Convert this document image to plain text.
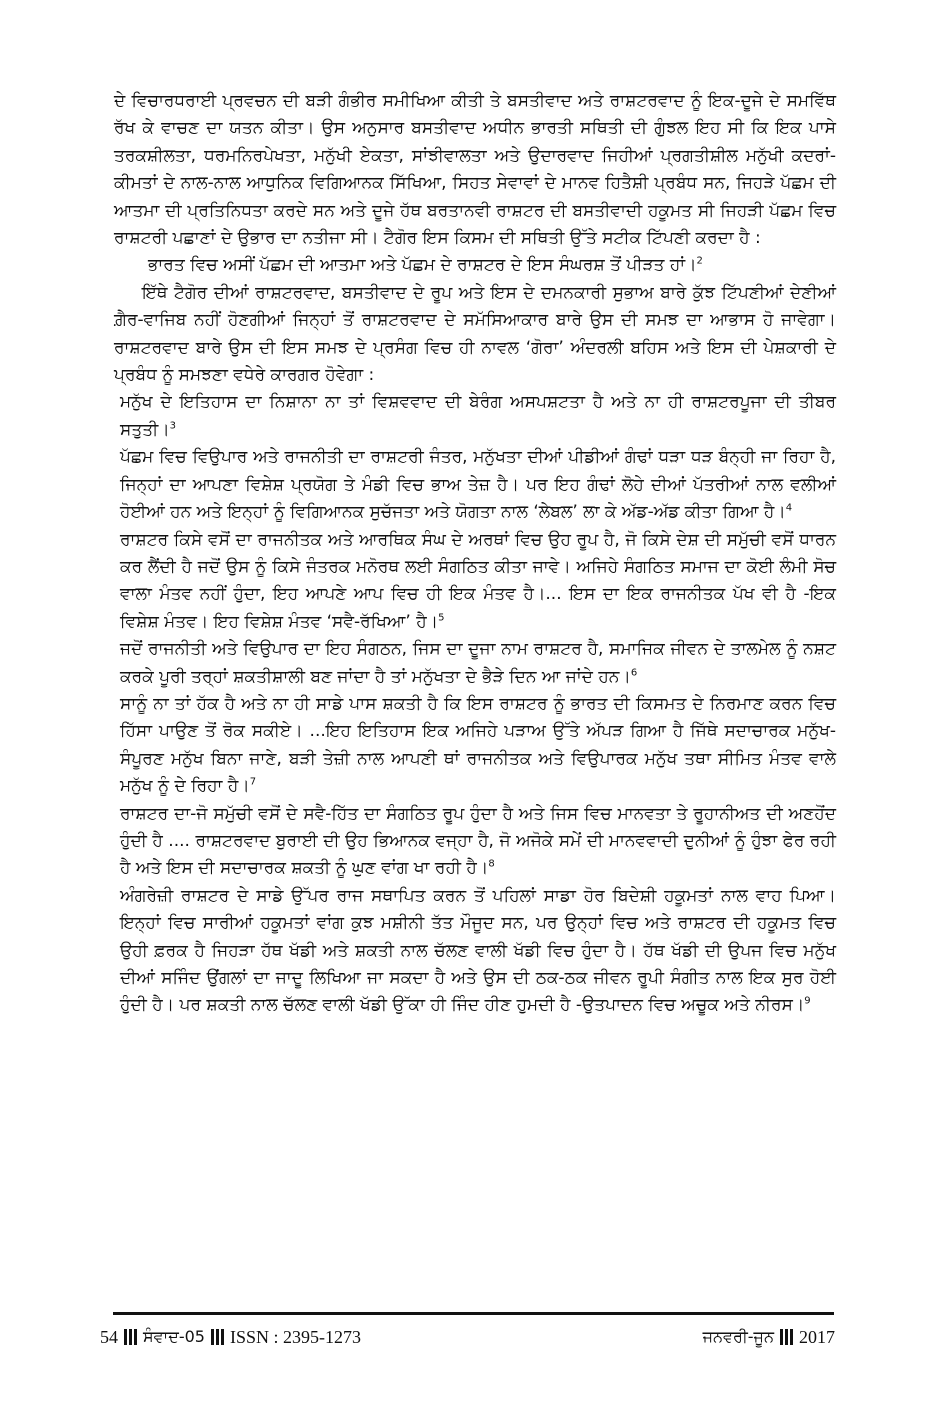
ਦੇ ਵਿਚਾਰਧਰਾਈ ਪ੍ਰਵਚਨ ਦੀ ਬੜੀ ਗੰਭੀਰ ਸਮੀਖਿਆ ਕੀਤੀ ਤੇ ਬਸਤੀਵਾਦ ਅਤੇ ਰਾਸ਼ਟਰਵਾਦ ਨੂੰ ਇਕ-ਦੂਜੇ ਦੇ ਸਮਵਿੱਥ ਰੱਖ ਕੇ ਵਾਚਣ ਦਾ ਯਤਨ ਕੀਤਾ। ਉਸ ਅਨੁਸਾਰ ਬਸਤੀਵਾਦ ਅਧੀਨ ਭਾਰਤੀ ਸਥਿਤੀ ਦੀ ਗੁੰਝਲ ਇਹ ਸੀ ਕਿ ਇਕ ਪਾਸੇ ਤਰਕਸ਼ੀਲਤਾ, ਧਰਮਨਿਰਪੇਖਤਾ, ਮਨੁੱਖੀ ਏਕਤਾ, ਸਾਂਝੀਵਾਲਤਾ ਅਤੇ ਉਦਾਰਵਾਦ ਜਿਹੀਆਂ ਪ੍ਰਗਤੀਸ਼ੀਲ ਮਨੁੱਖੀ ਕਦਰਾਂ-ਕੀਮਤਾਂ ਦੇ ਨਾਲ-ਨਾਲ ਆਧੁਨਿਕ ਵਿਗਿਆਨਕ ਸਿੱਖਿਆ, ਸਿਹਤ ਸੇਵਾਵਾਂ ਦੇ ਮਾਨਵ ਹਿਤੈਸ਼ੀ ਪ੍ਰਬੰਧ ਸਨ, ਜਿਹੜੇ ਪੱਛਮ ਦੀ ਆਤਮਾ ਦੀ ਪ੍ਰਤਿਨਿਧਤਾ ਕਰਦੇ ਸਨ ਅਤੇ ਦੂਜੇ ਹੱਥ ਬਰਤਾਨਵੀ ਰਾਸ਼ਟਰ ਦੀ ਬਸਤੀਵਾਦੀ ਹਕੂਮਤ ਸੀ ਜਿਹੜੀ ਪੱਛਮ ਵਿਚ ਰਾਸ਼ਟਰੀ ਪਛਾਣਾਂ ਦੇ ਉਭਾਰ ਦਾ ਨਤੀਜਾ ਸੀ। ਟੈਗੋਰ ਇਸ ਕਿਸਮ ਦੀ ਸਥਿਤੀ ਉੱਤੇ ਸਟੀਕ ਟਿੱਪਣੀ ਕਰਦਾ ਹੈ :

ਭਾਰਤ ਵਿਚ ਅਸੀਂ ਪੱਛਮ ਦੀ ਆਤਮਾ ਅਤੇ ਪੱਛਮ ਦੇ ਰਾਸ਼ਟਰ ਦੇ ਇਸ ਸੰਘਰਸ਼ ਤੋਂ ਪੀੜਤ ਹਾਂ।$^2$

ਇੱਥੇ ਟੈਗੋਰ ਦੀਆਂ ਰਾਸ਼ਟਰਵਾਦ, ਬਸਤੀਵਾਦ ਦੇ ਰੂਪ ਅਤੇ ਇਸ ਦੇ ਦਮਨਕਾਰੀ ਸੁਭਾਅ ਬਾਰੇ ਕੁੱਝ ਟਿੱਪਣੀਆਂ ਦੇਣੀਆਂ ਗ਼ੈਰ-ਵਾਜਿਬ ਨਹੀਂ ਹੋਣਗੀਆਂ ਜਿਨ੍ਹਾਂ ਤੋਂ ਰਾਸ਼ਟਰਵਾਦ ਦੇ ਸਮੱਸਿਆਕਾਰ ਬਾਰੇ ਉਸ ਦੀ ਸਮਝ ਦਾ ਆਭਾਸ ਹੋ ਜਾਵੇਗਾ। ਰਾਸ਼ਟਰਵਾਦ ਬਾਰੇ ਉਸ ਦੀ ਇਸ ਸਮਝ ਦੇ ਪ੍ਰਸੰਗ ਵਿਚ ਹੀ ਨਾਵਲ ‘ਗੋਰਾ’ ਅੰਦਰਲੀ ਬਹਿਸ ਅਤੇ ਇਸ ਦੀ ਪੇਸ਼ਕਾਰੀ ਦੇ ਪ੍ਰਬੰਧ ਨੂੰ ਸਮਝਣਾ ਵਧੇਰੇ ਕਾਰਗਰ ਹੋਵੇਗਾ :

ਮਨੁੱਖ ਦੇ ਇਤਿਹਾਸ ਦਾ ਨਿਸ਼ਾਨਾ ਨਾ ਤਾਂ ਵਿਸ਼ਵਵਾਦ ਦੀ ਬੇਰੰਗ ਅਸਪਸ਼ਟਤਾ ਹੈ ਅਤੇ ਨਾ ਹੀ ਰਾਸ਼ਟਰਪੂਜਾ ਦੀ ਤੀਬਰ ਸਤੁਤੀ।$^3$

ਪੱਛਮ ਵਿਚ ਵਿਉਪਾਰ ਅਤੇ ਰਾਜਨੀਤੀ ਦਾ ਰਾਸ਼ਟਰੀ ਜੰਤਰ, ਮਨੁੱਖਤਾ ਦੀਆਂ ਪੀਡੀਆਂ ਗੰਢਾਂ ਧੜਾ ਧੜ ਬੰਨ੍ਹੀ ਜਾ ਰਿਹਾ ਹੈ, ਜਿਨ੍ਹਾਂ ਦਾ ਆਪਣਾ ਵਿਸ਼ੇਸ਼ ਪ੍ਰਯੋਗ ਤੇ ਮੰਡੀ ਵਿਚ ਭਾਅ ਤੇਜ਼ ਹੈ। ਪਰ ਇਹ ਗੰਢਾਂ ਲੋਹੇ ਦੀਆਂ ਪੱਤਰੀਆਂ ਨਾਲ ਵਲੀਆਂ ਹੋਈਆਂ ਹਨ ਅਤੇ ਇਨ੍ਹਾਂ ਨੂੰ ਵਿਗਿਆਨਕ ਸੁਚੱਜਤਾ ਅਤੇ ਯੋਗਤਾ ਨਾਲ ‘ਲੇਬਲ’ ਲਾ ਕੇ ਅੱਡ-ਅੱਡ ਕੀਤਾ ਗਿਆ ਹੈ।$^4$

ਰਾਸ਼ਟਰ ਕਿਸੇ ਵਸੋਂ ਦਾ ਰਾਜਨੀਤਕ ਅਤੇ ਆਰਥਿਕ ਸੰਘ ਦੇ ਅਰਥਾਂ ਵਿਚ ਉਹ ਰੂਪ ਹੈ, ਜੋ ਕਿਸੇ ਦੇਸ਼ ਦੀ ਸਮੁੱਚੀ ਵਸੋਂ ਧਾਰਨ ਕਰ ਲੈਂਦੀ ਹੈ ਜਦੋਂ ਉਸ ਨੂੰ ਕਿਸੇ ਜੰਤਰਕ ਮਨੋਰਥ ਲਈ ਸੰਗਠਿਤ ਕੀਤਾ ਜਾਵੇ। ਅਜਿਹੇ ਸੰਗਠਿਤ ਸਮਾਜ ਦਾ ਕੋਈ ਲੰਮੀ ਸੋਚ ਵਾਲਾ ਮੰਤਵ ਨਹੀਂ ਹੁੰਦਾ, ਇਹ ਆਪਣੇ ਆਪ ਵਿਚ ਹੀ ਇਕ ਮੰਤਵ ਹੈ।... ਇਸ ਦਾ ਇਕ ਰਾਜਨੀਤਕ ਪੱਖ ਵੀ ਹੈ -ਇਕ ਵਿਸ਼ੇਸ਼ ਮੰਤਵ। ਇਹ ਵਿਸ਼ੇਸ਼ ਮੰਤਵ ‘ਸਵੈ-ਰੱਖਿਆ’ ਹੈ।$^5$

ਜਦੋਂ ਰਾਜਨੀਤੀ ਅਤੇ ਵਿਉਪਾਰ ਦਾ ਇਹ ਸੰਗਠਨ, ਜਿਸ ਦਾ ਦੂਜਾ ਨਾਮ ਰਾਸ਼ਟਰ ਹੈ, ਸਮਾਜਿਕ ਜੀਵਨ ਦੇ ਤਾਲਮੇਲ ਨੂੰ ਨਸ਼ਟ ਕਰਕੇ ਪੂਰੀ ਤਰ੍ਹਾਂ ਸ਼ਕਤੀਸ਼ਾਲੀ ਬਣ ਜਾਂਦਾ ਹੈ ਤਾਂ ਮਨੁੱਖਤਾ ਦੇ ਭੈੜੇ ਦਿਨ ਆ ਜਾਂਦੇ ਹਨ।$^6$

ਸਾਨੂੰ ਨਾ ਤਾਂ ਹੱਕ ਹੈ ਅਤੇ ਨਾ ਹੀ ਸਾਡੇ ਪਾਸ ਸ਼ਕਤੀ ਹੈ ਕਿ ਇਸ ਰਾਸ਼ਟਰ ਨੂੰ ਭਾਰਤ ਦੀ ਕਿਸਮਤ ਦੇ ਨਿਰਮਾਣ ਕਰਨ ਵਿਚ ਹਿੱਸਾ ਪਾਉਣ ਤੋਂ ਰੋਕ ਸਕੀਏ। ...ਇਹ ਇਤਿਹਾਸ ਇਕ ਅਜਿਹੇ ਪੜਾਅ ਉੱਤੇ ਅੱਪੜ ਗਿਆ ਹੈ ਜਿੱਥੇ ਸਦਾਚਾਰਕ ਮਨੁੱਖ-ਸੰਪੂਰਣ ਮਨੁੱਖ ਬਿਨਾ ਜਾਣੇ, ਬੜੀ ਤੇਜ਼ੀ ਨਾਲ ਆਪਣੀ ਥਾਂ ਰਾਜਨੀਤਕ ਅਤੇ ਵਿਉਪਾਰਕ ਮਨੁੱਖ ਤਥਾ ਸੀਮਿਤ ਮੰਤਵ ਵਾਲੇ ਮਨੁੱਖ ਨੂੰ ਦੇ ਰਿਹਾ ਹੈ।$^7$

ਰਾਸ਼ਟਰ ਦਾ-ਜੋ ਸਮੁੱਚੀ ਵਸੋਂ ਦੇ ਸਵੈ-ਹਿੱਤ ਦਾ ਸੰਗਠਿਤ ਰੂਪ ਹੁੰਦਾ ਹੈ ਅਤੇ ਜਿਸ ਵਿਚ ਮਾਨਵਤਾ ਤੇ ਰੂਹਾਨੀਅਤ ਦੀ ਅਣਹੋਂਦ ਹੁੰਦੀ ਹੈ .... ਰਾਸ਼ਟਰਵਾਦ ਬੁਰਾਈ ਦੀ ਉਹ ਭਿਆਨਕ ਵਜ੍ਹਾ ਹੈ, ਜੋ ਅਜੋਕੇ ਸਮੇਂ ਦੀ ਮਾਨਵਵਾਦੀ ਦੁਨੀਆਂ ਨੂੰ ਹੁੰਝਾ ਫੇਰ ਰਹੀ ਹੈ ਅਤੇ ਇਸ ਦੀ ਸਦਾਚਾਰਕ ਸ਼ਕਤੀ ਨੂੰ ਘੁਣ ਵਾਂਗ ਖਾ ਰਹੀ ਹੈ।$^8$

ਅੰਗਰੇਜ਼ੀ ਰਾਸ਼ਟਰ ਦੇ ਸਾਡੇ ਉੱਪਰ ਰਾਜ ਸਥਾਪਿਤ ਕਰਨ ਤੋਂ ਪਹਿਲਾਂ ਸਾਡਾ ਹੋਰ ਬਿਦੇਸ਼ੀ ਹਕੂਮਤਾਂ ਨਾਲ ਵਾਹ ਪਿਆ। ਇਨ੍ਹਾਂ ਵਿਚ ਸਾਰੀਆਂ ਹਕੂਮਤਾਂ ਵਾਂਗ ਕੁਝ ਮਸ਼ੀਨੀ ਤੱਤ ਮੌਜੂਦ ਸਨ, ਪਰ ਉਨ੍ਹਾਂ ਵਿਚ ਅਤੇ ਰਾਸ਼ਟਰ ਦੀ ਹਕੂਮਤ ਵਿਚ ਉਹੀ ਫ਼ਰਕ ਹੈ ਜਿਹੜਾ ਹੱਥ ਖੱਡੀ ਅਤੇ ਸ਼ਕਤੀ ਨਾਲ ਚੱਲਣ ਵਾਲੀ ਖੱਡੀ ਵਿਚ ਹੁੰਦਾ ਹੈ। ਹੱਥ ਖੱਡੀ ਦੀ ਉਪਜ ਵਿਚ ਮਨੁੱਖ ਦੀਆਂ ਸਜਿੰਦ ਉਂਗਲਾਂ ਦਾ ਜਾਦੂ ਲਿਖਿਆ ਜਾ ਸਕਦਾ ਹੈ ਅਤੇ ਉਸ ਦੀ ਠਕ-ਠਕ ਜੀਵਨ ਰੂਪੀ ਸੰਗੀਤ ਨਾਲ ਇਕ ਸੁਰ ਹੋਈ ਹੁੰਦੀ ਹੈ। ਪਰ ਸ਼ਕਤੀ ਨਾਲ ਚੱਲਣ ਵਾਲੀ ਖੱਡੀ ਉੱਕਾ ਹੀ ਜਿੰਦ ਹੀਣ ਹੁਮਦੀ ਹੈ -ਉਤਪਾਦਨ ਵਿਚ ਅਚੂਕ ਅਤੇ ਨੀਰਸ।$^9$

54 ਸੰਵਾਦ-05 ISSN : 2395-1273	ਜਨਵਰੀ-ਜੂਨ 2017
